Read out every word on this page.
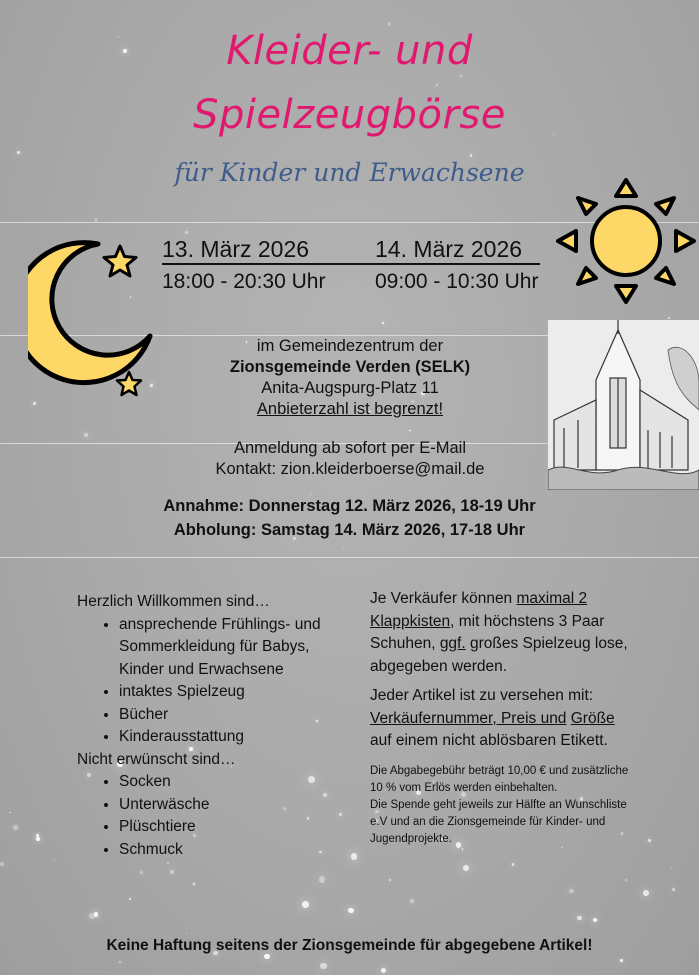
Kleider- und
Spielzeugbörse
für Kinder und Erwachsene
13. März 2026
18:00 - 20:30 Uhr
14. März 2026
09:00 - 10:30 Uhr
im Gemeindezentrum der
Zionsgemeinde Verden (SELK)
Anita-Augspurg-Platz 11
Anbieterzahl ist begrenzt!
Anmeldung ab sofort per E-Mail
Kontakt: zion.kleiderboerse@mail.de
Annahme: Donnerstag 12. März 2026, 18-19 Uhr
Abholung: Samstag 14. März 2026, 17-18 Uhr
Herzlich Willkommen sind…
• ansprechende Frühlings- und Sommerkleidung für Babys, Kinder und Erwachsene
• intaktes Spielzeug
• Bücher
• Kinderausstattung
Nicht erwünscht sind…
• Socken
• Unterwäsche
• Plüschtiere
• Schmuck
Je Verkäufer können maximal 2 Klappkisten, mit höchstens 3 Paar Schuhen, ggf. großes Spielzeug lose, abgegeben werden.
Jeder Artikel ist zu versehen mit:
Verkäufernummer, Preis und Größe auf einem nicht ablösbaren Etikett.
Die Abgabegebühr beträgt 10,00 € und zusätzliche 10 % vom Erlös werden einbehalten.
Die Spende geht jeweils zur Hälfte an Wunschliste e.V und an die Zionsgemeinde für Kinder- und Jugendprojekte.
Keine Haftung seitens der Zionsgemeinde für abgegebene Artikel!
